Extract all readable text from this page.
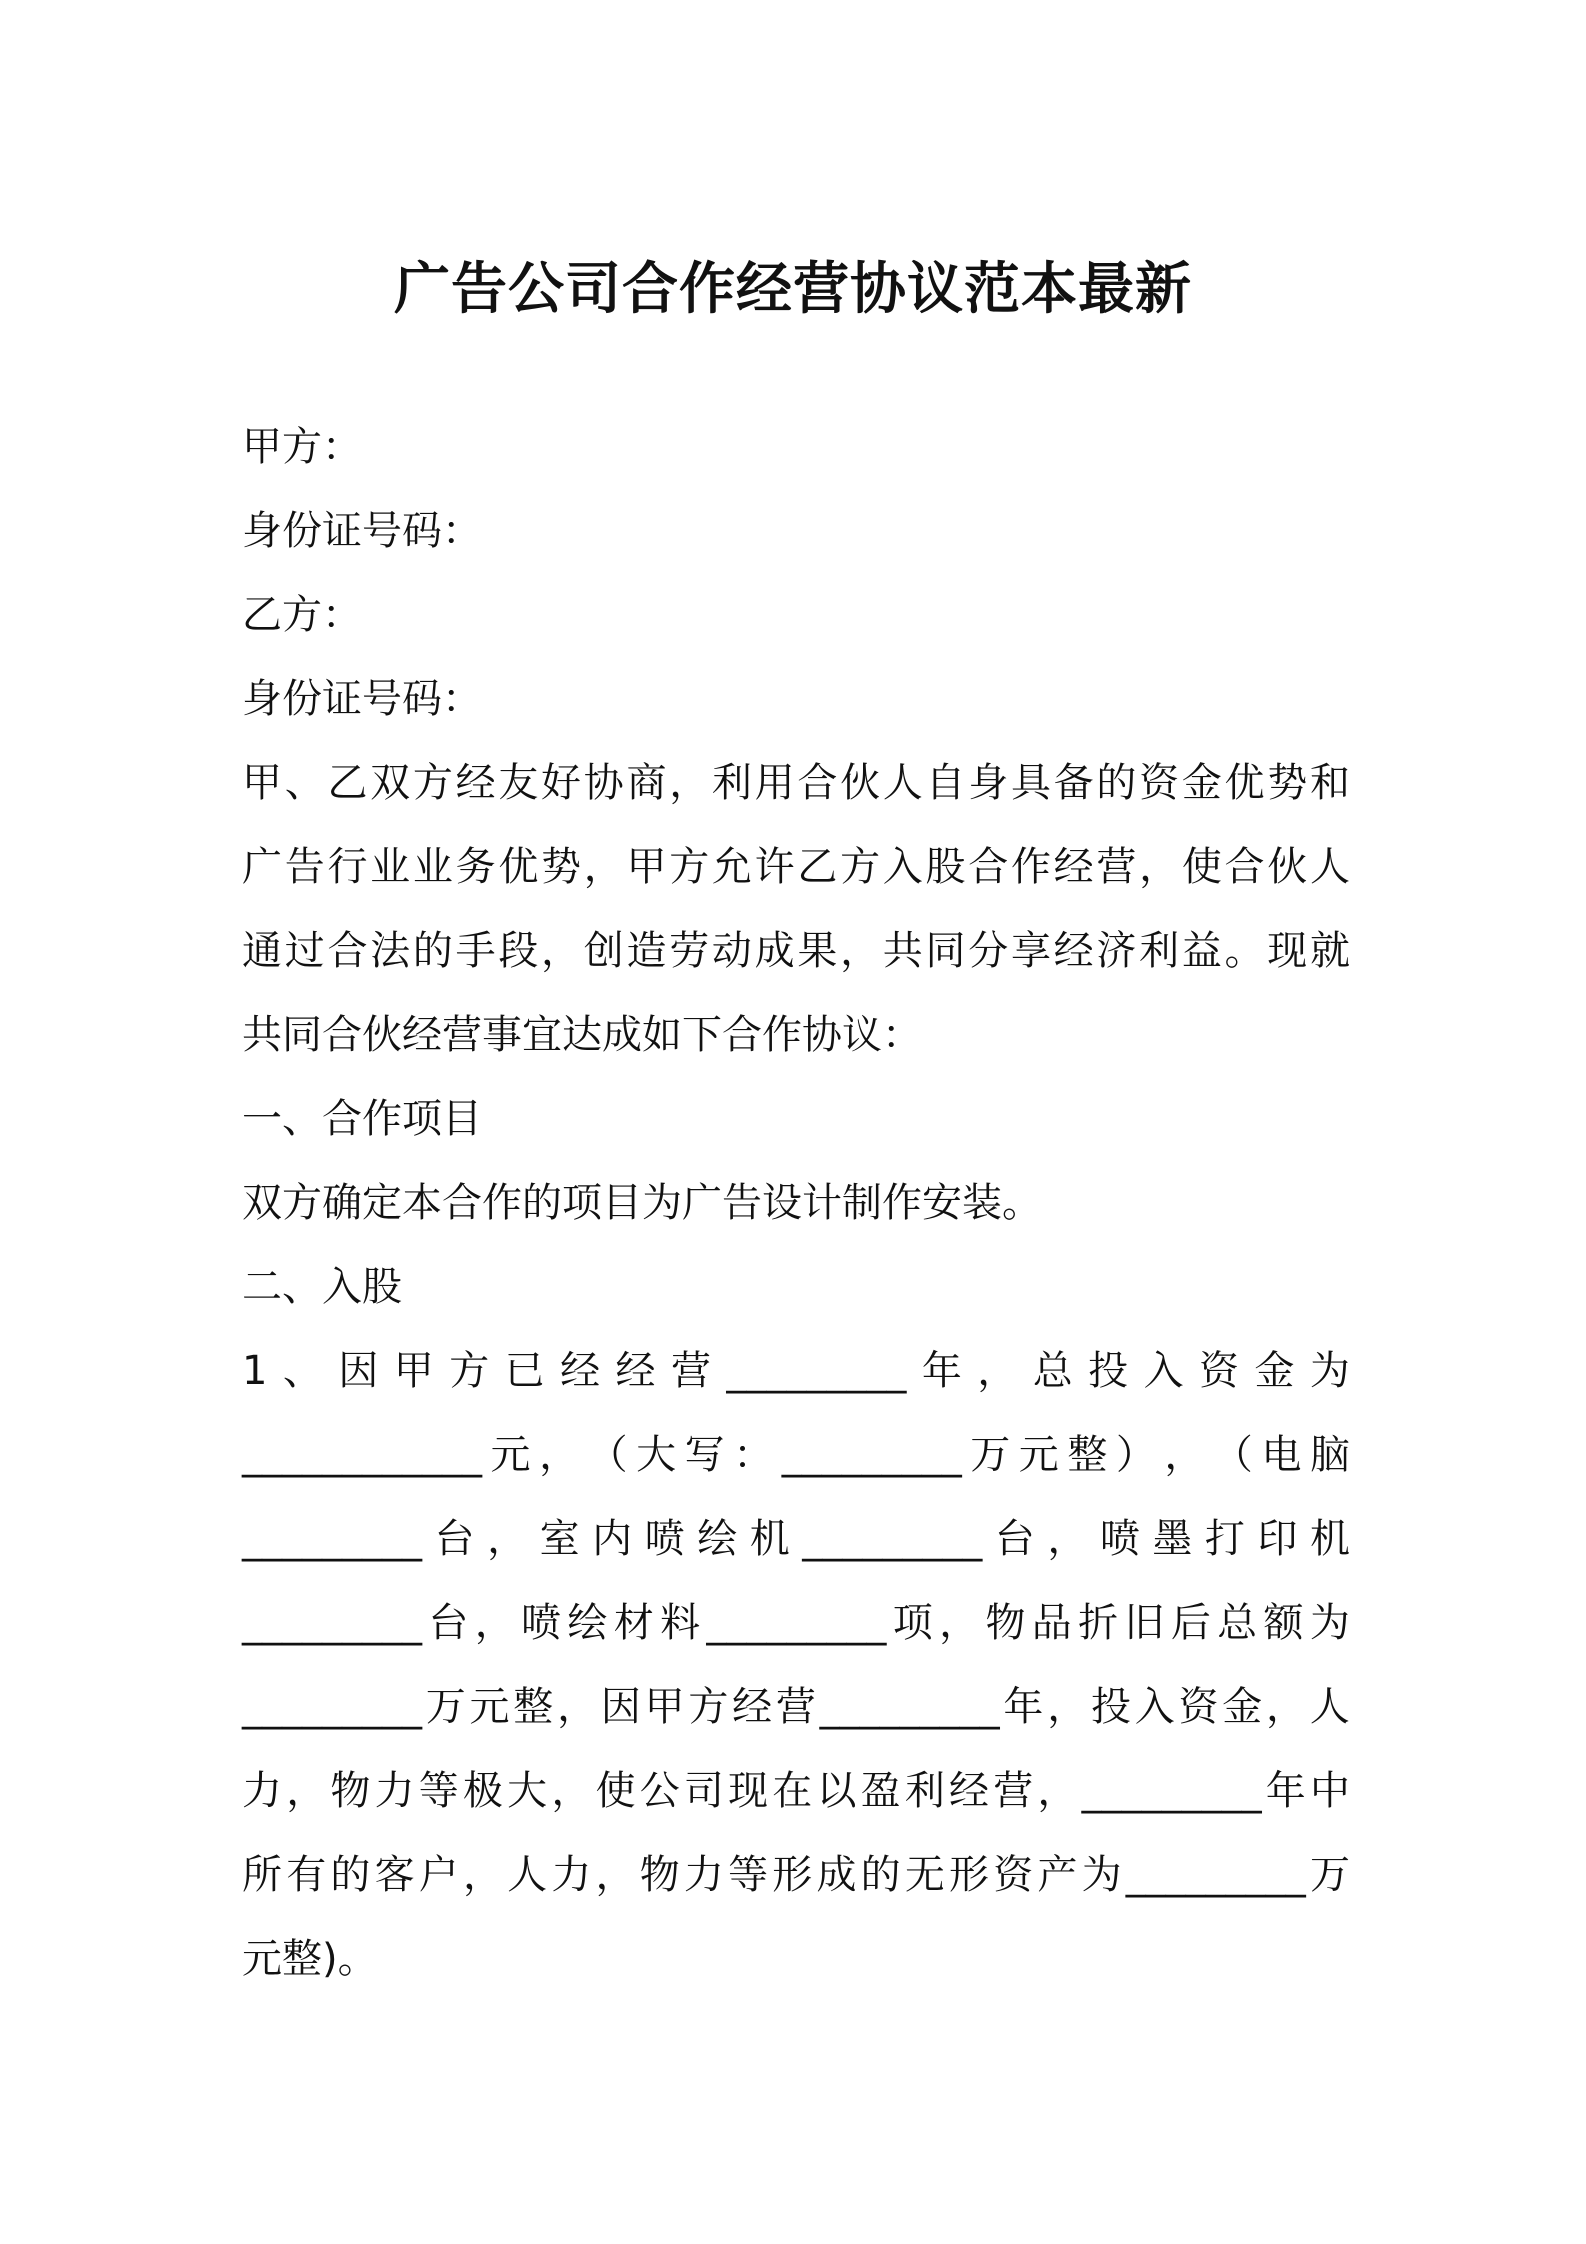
广告公司合作经营协议范本最新
甲方：
身份证号码：
乙方：
身份证号码：
甲 、 乙 双 方 经 友 好 协 商 ， 利 用 合 伙 人 自 身 具 备 的 资 金 优 势 和
广 告 行 业 业 务 优 势 ， 甲 方 允 许 乙 方 入 股 合 作 经 营 ， 使 合 伙 人
通 过 合 法 的 手 段 ， 创 造 劳 动 成 果 ， 共 同 分 享 经 济 利 益 。 现 就
共同合伙经营事宜达成如下合作协议：
一、合作项目
双方确定本合作的项目为广告设计制作安装。
二、入股
1 、 因 甲 方 已 经 经 营 _________ 年 ， 总 投 入 资 金 为
____________ 元 ， （ 大 写 ： _________ 万 元 整 ） ， （ 电 脑
_________ 台 ， 室 内 喷 绘 机 _________ 台 ， 喷 墨 打 印 机
_________ 台 ， 喷 绘 材 料 _________ 项 ， 物 品 折 旧 后 总 额 为
_________ 万 元 整 ， 因 甲 方 经 营 _________ 年 ， 投 入 资 金 ， 人
力 ， 物 力 等 极 大 ， 使 公 司 现 在 以 盈 利 经 营 ， _________ 年 中
所 有 的 客 户 ， 人 力 ， 物 力 等 形 成 的 无 形 资 产 为 _________ 万
元整)。
